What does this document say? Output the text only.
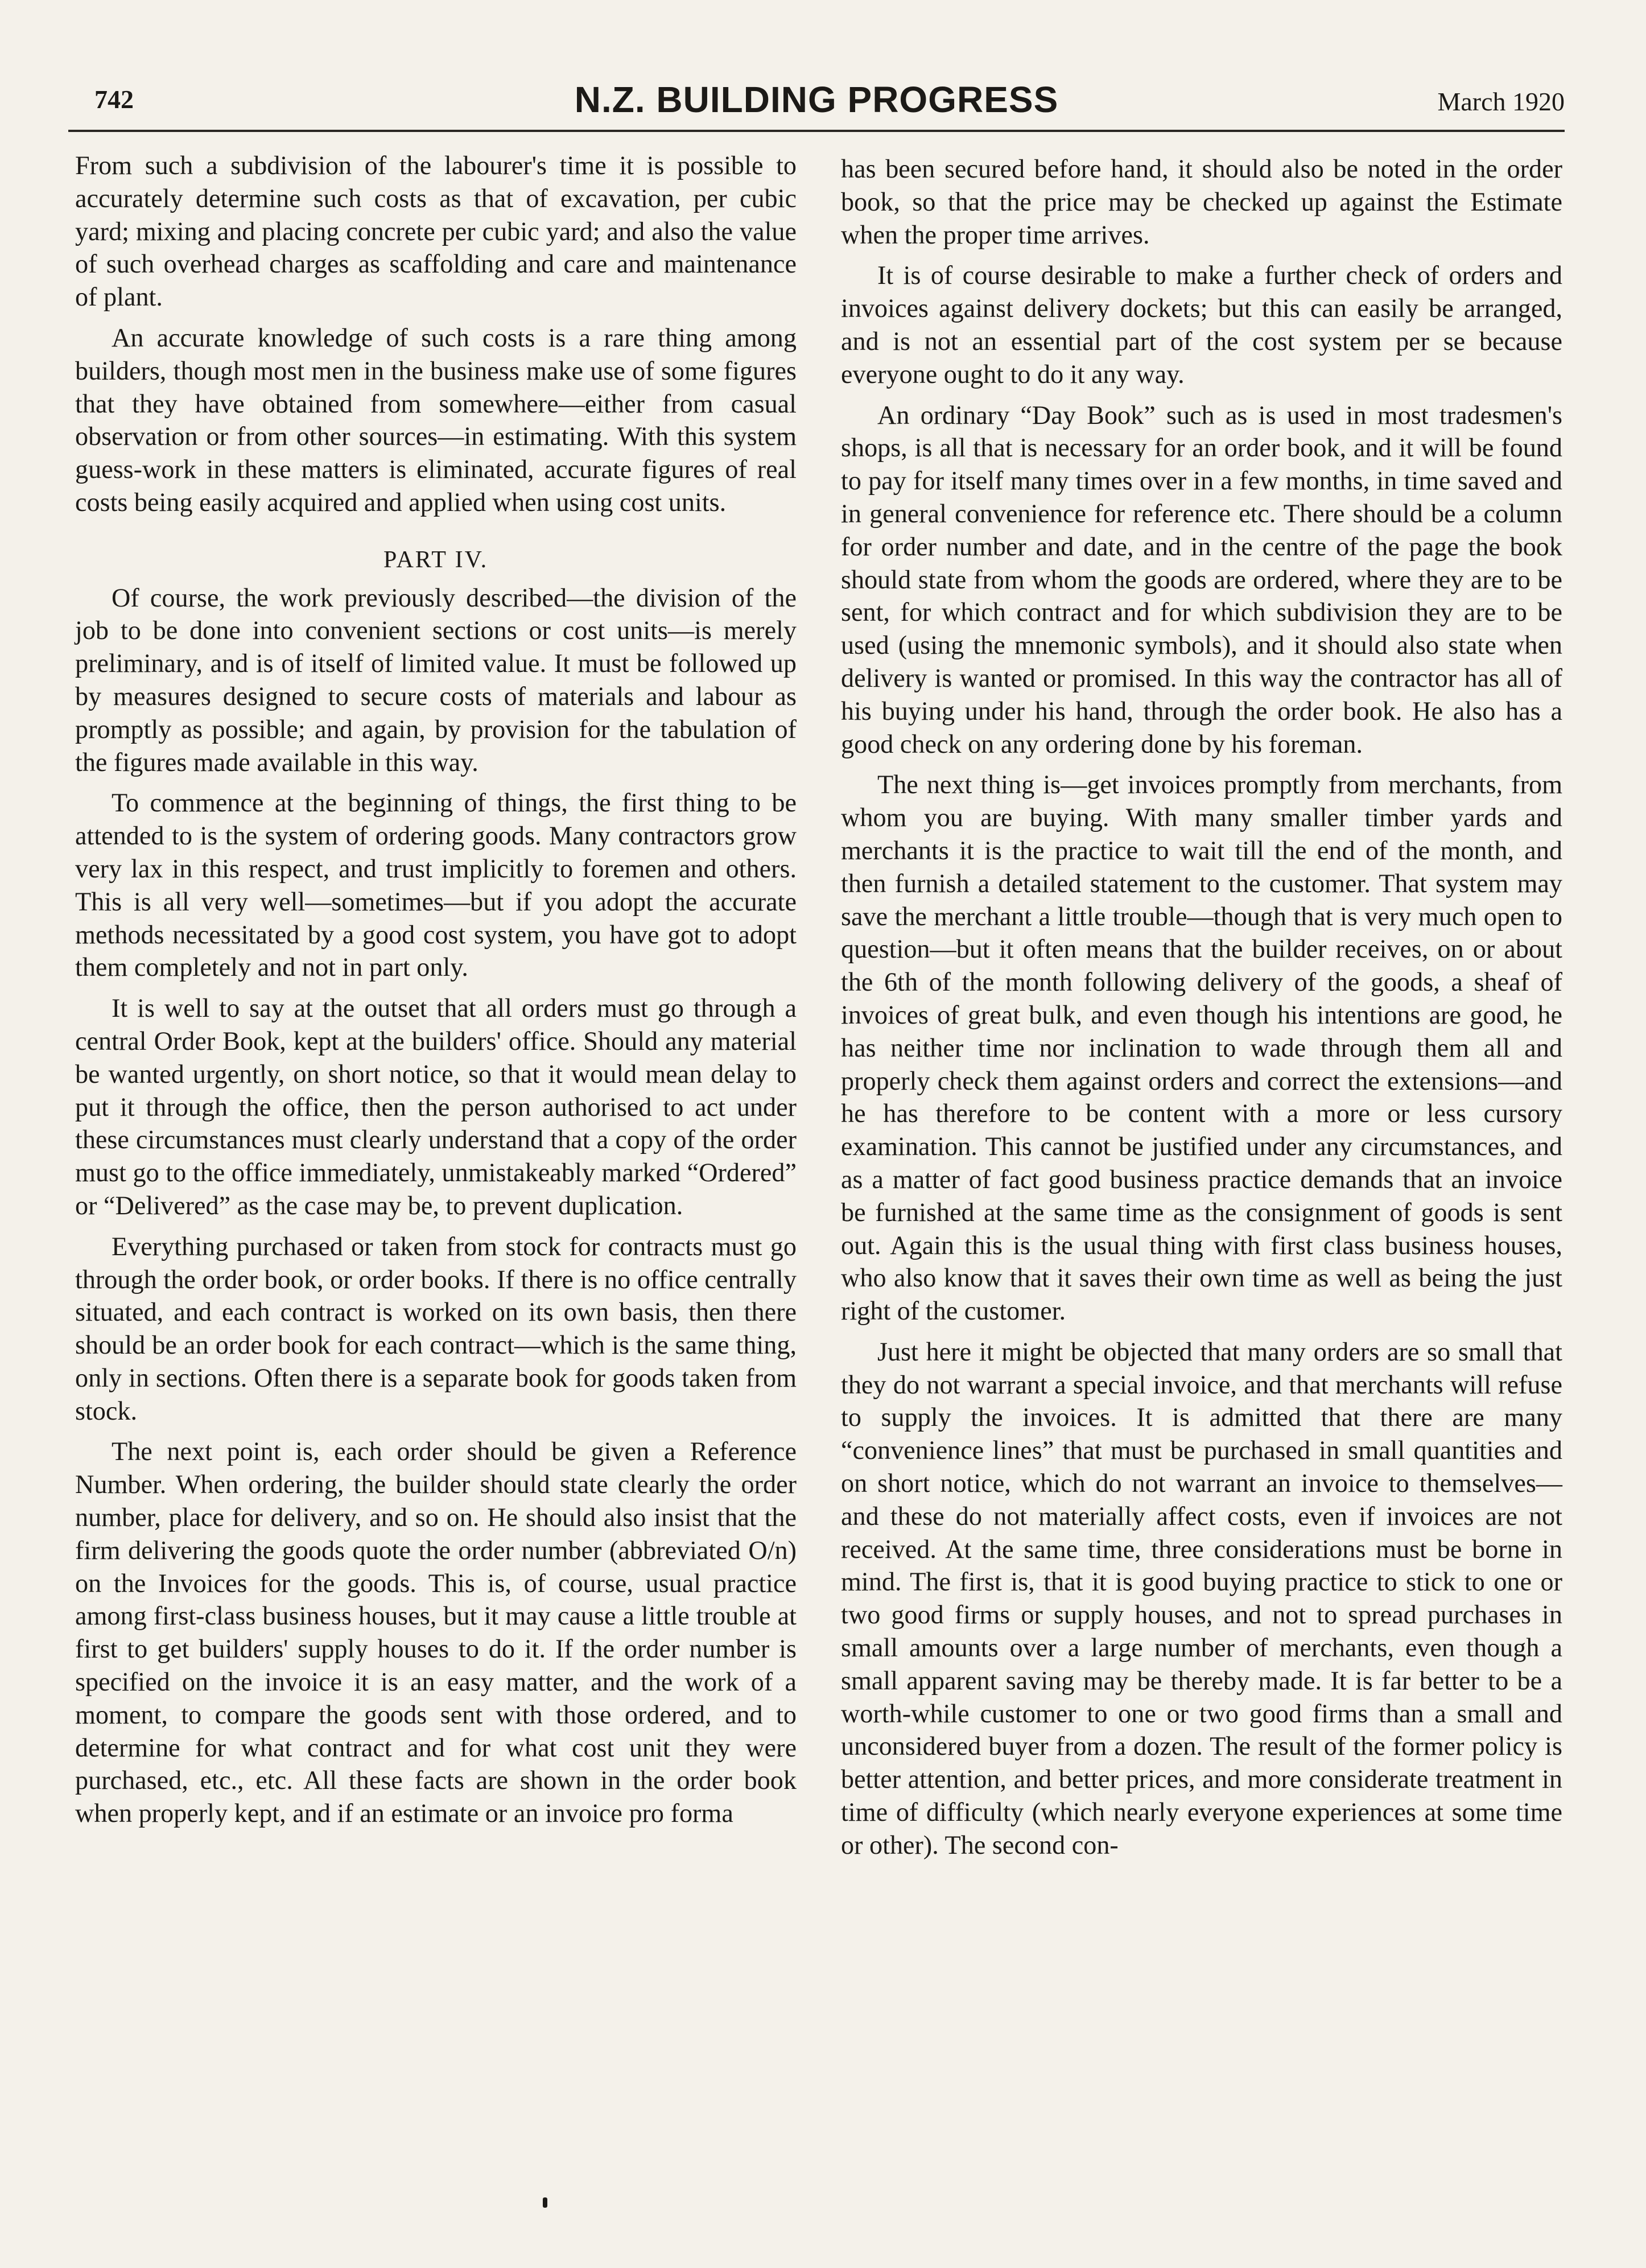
742	N.Z. BUILDING PROGRESS	March 1920

From such a subdivision of the labourer's time it is possible to accurately determine such costs as that of excavation, per cubic yard; mixing and placing concrete per cubic yard; and also the value of such overhead charges as scaffolding and care and maintenance of plant.

An accurate knowledge of such costs is a rare thing among builders, though most men in the business make use of some figures that they have obtained from somewhere—either from casual observation or from other sources—in estimating. With this system guess-work in these matters is eliminated, accurate figures of real costs being easily acquired and applied when using cost units.

PART IV.

Of course, the work previously described—the division of the job to be done into convenient sections or cost units—is merely preliminary, and is of itself of limited value. It must be followed up by measures designed to secure costs of materials and labour as promptly as possible; and again, by provision for the tabulation of the figures made available in this way.

To commence at the beginning of things, the first thing to be attended to is the system of ordering goods. Many contractors grow very lax in this respect, and trust implicitly to foremen and others. This is all very well—sometimes—but if you adopt the accurate methods necessitated by a good cost system, you have got to adopt them completely and not in part only.

It is well to say at the outset that all orders must go through a central Order Book, kept at the builders' office. Should any material be wanted urgently, on short notice, so that it would mean delay to put it through the office, then the person authorised to act under these circumstances must clearly understand that a copy of the order must go to the office immediately, unmistakeably marked “Ordered” or “Delivered” as the case may be, to prevent duplication.

Everything purchased or taken from stock for contracts must go through the order book, or order books. If there is no office centrally situated, and each contract is worked on its own basis, then there should be an order book for each contract—which is the same thing, only in sections. Often there is a separate book for goods taken from stock.

The next point is, each order should be given a Reference Number. When ordering, the builder should state clearly the order number, place for delivery, and so on. He should also insist that the firm delivering the goods quote the order number (abbreviated O/n) on the Invoices for the goods. This is, of course, usual practice among first-class business houses, but it may cause a little trouble at first to get builders' supply houses to do it. If the order number is specified on the invoice it is an easy matter, and the work of a moment, to compare the goods sent with those ordered, and to determine for what contract and for what cost unit they were purchased, etc., etc. All these facts are shown in the order book when properly kept, and if an estimate or an invoice pro forma

has been secured before hand, it should also be noted in the order book, so that the price may be checked up against the Estimate when the proper time arrives.

It is of course desirable to make a further check of orders and invoices against delivery dockets; but this can easily be arranged, and is not an essential part of the cost system per se because everyone ought to do it any way.

An ordinary “Day Book” such as is used in most tradesmen's shops, is all that is necessary for an order book, and it will be found to pay for itself many times over in a few months, in time saved and in general convenience for reference etc. There should be a column for order number and date, and in the centre of the page the book should state from whom the goods are ordered, where they are to be sent, for which contract and for which subdivision they are to be used (using the mnemonic symbols), and it should also state when delivery is wanted or promised. In this way the contractor has all of his buying under his hand, through the order book. He also has a good check on any ordering done by his foreman.

The next thing is—get invoices promptly from merchants, from whom you are buying. With many smaller timber yards and merchants it is the practice to wait till the end of the month, and then furnish a detailed statement to the customer. That system may save the merchant a little trouble—though that is very much open to question—but it often means that the builder receives, on or about the 6th of the month following delivery of the goods, a sheaf of invoices of great bulk, and even though his intentions are good, he has neither time nor inclination to wade through them all and properly check them against orders and correct the extensions—and he has therefore to be content with a more or less cursory examination. This cannot be justified under any circumstances, and as a matter of fact good business practice demands that an invoice be furnished at the same time as the consignment of goods is sent out. Again this is the usual thing with first class business houses, who also know that it saves their own time as well as being the just right of the customer.

Just here it might be objected that many orders are so small that they do not warrant a special invoice, and that merchants will refuse to supply the invoices. It is admitted that there are many “convenience lines” that must be purchased in small quantities and on short notice, which do not warrant an invoice to themselves—and these do not materially affect costs, even if invoices are not received. At the same time, three considerations must be borne in mind. The first is, that it is good buying practice to stick to one or two good firms or supply houses, and not to spread purchases in small amounts over a large number of merchants, even though a small apparent saving may be thereby made. It is far better to be a worth-while customer to one or two good firms than a small and unconsidered buyer from a dozen. The result of the former policy is better attention, and better prices, and more considerate treatment in time of difficulty (which nearly everyone experiences at some time or other). The second con-
